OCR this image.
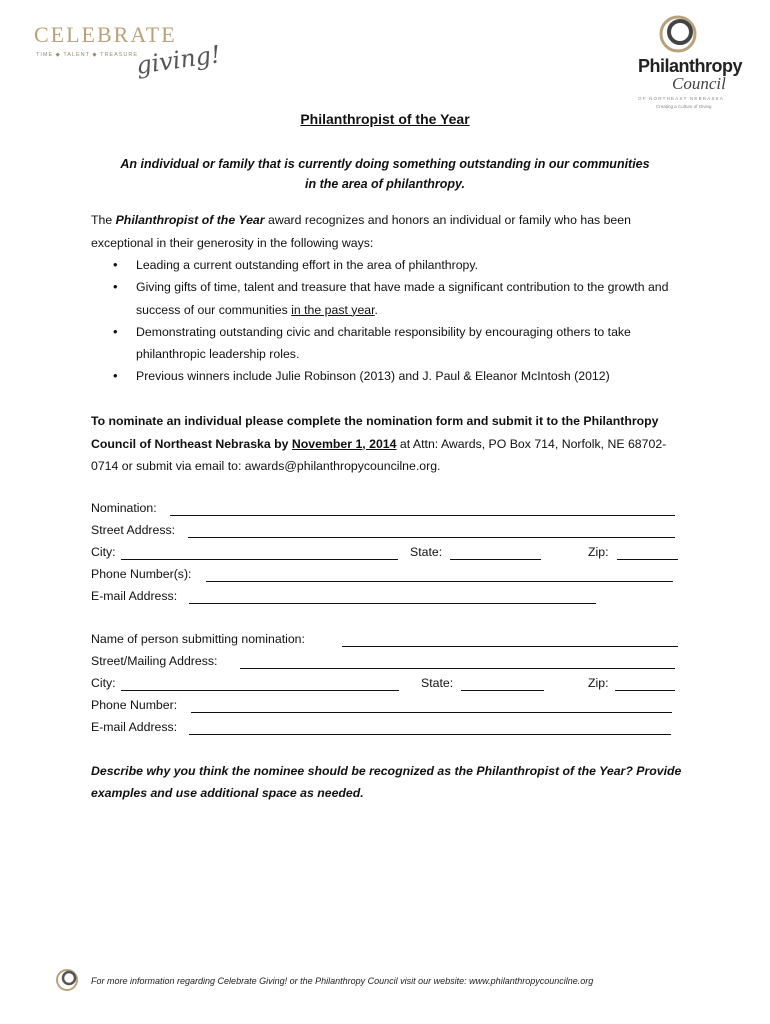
CELEBRATE
TIME ◆ TALENT ◆ TREASURE
giving!	Philanthropy
Council
OF NORTHEAST NEBRASKA
Creating a Culture of Giving
Philanthropist of the Year
An individual or family that is currently doing something outstanding in our communities in the area of philanthropy.
The Philanthropist of the Year award recognizes and honors an individual or family who has been exceptional in their generosity in the following ways:
• Leading a current outstanding effort in the area of philanthropy.
• Giving gifts of time, talent and treasure that have made a significant contribution to the growth and success of our communities in the past year.
• Demonstrating outstanding civic and charitable responsibility by encouraging others to take philanthropic leadership roles.
• Previous winners include Julie Robinson (2013) and J. Paul & Eleanor McIntosh (2012)
To nominate an individual please complete the nomination form and submit it to the Philanthropy Council of Northeast Nebraska by November 1, 2014 at Attn: Awards, PO Box 714, Norfolk, NE 68702-0714 or submit via email to: awards@philanthropycouncilne.org.
Nomination:
Street Address:
City:	State:	Zip:
Phone Number(s):
E-mail Address:
Name of person submitting nomination:
Street/Mailing Address:
City:	State:	Zip:
Phone Number:
E-mail Address:
Describe why you think the nominee should be recognized as the Philanthropist of the Year? Provide examples and use additional space as needed.
For more information regarding Celebrate Giving! or the Philanthropy Council visit our website: www.philanthropycouncilne.org
